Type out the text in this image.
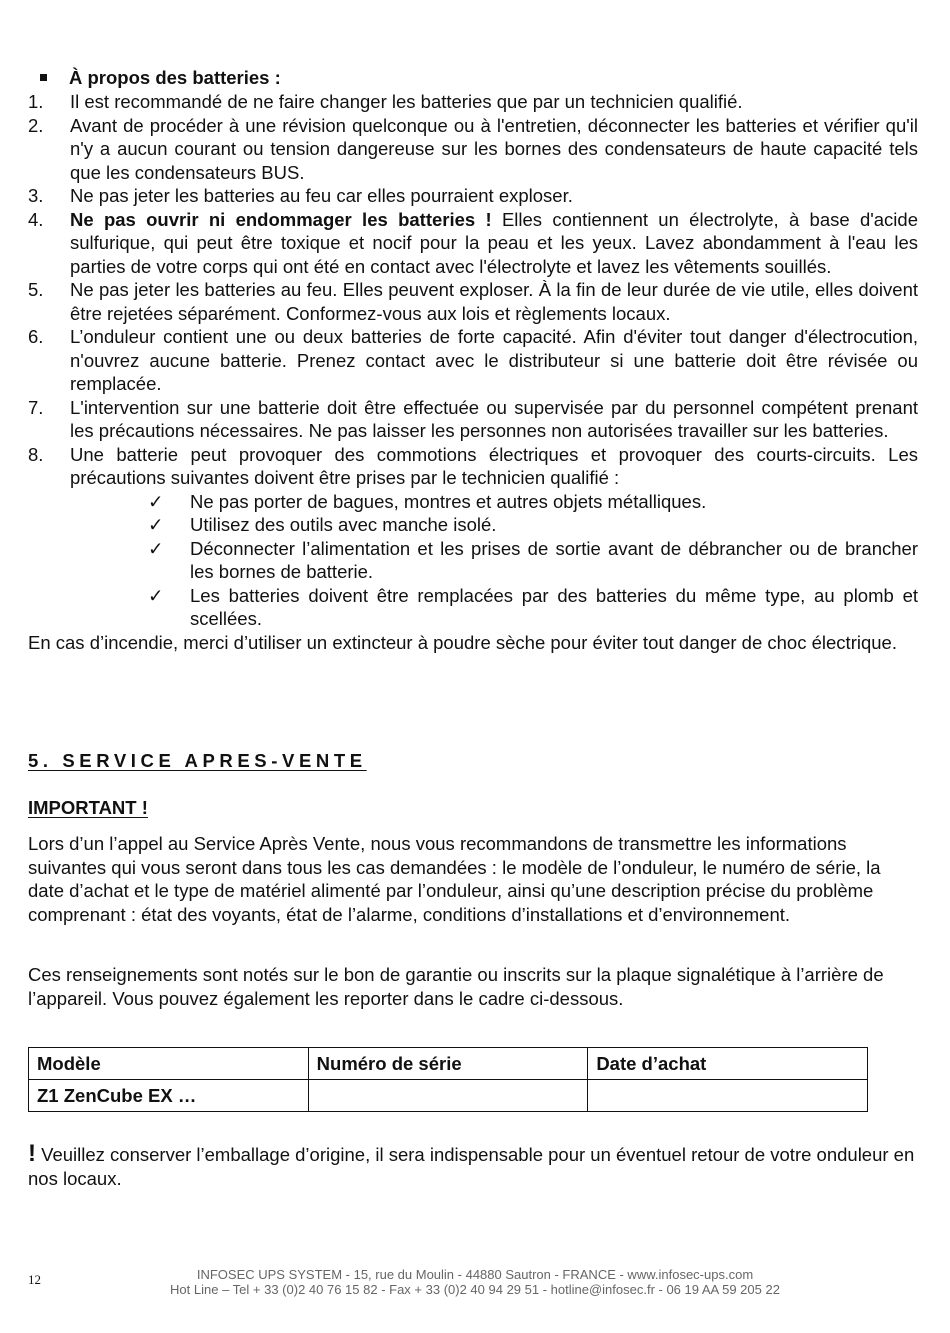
À propos des batteries :
1. Il est recommandé de ne faire changer les batteries que par un technicien qualifié.
2. Avant de procéder à une révision quelconque ou à l'entretien, déconnecter les batteries et vérifier qu'il n'y a aucun courant ou tension dangereuse sur les bornes des condensateurs de haute capacité tels que les condensateurs BUS.
3. Ne pas jeter les batteries au feu car elles pourraient exploser.
4. Ne pas ouvrir ni endommager les batteries ! Elles contiennent un électrolyte, à base d'acide sulfurique, qui peut être toxique et nocif pour la peau et les yeux. Lavez abondamment à l'eau les parties de votre corps qui ont été en contact avec l'électrolyte et lavez les vêtements souillés.
5. Ne pas jeter les batteries au feu. Elles peuvent exploser. À la fin de leur durée de vie utile, elles doivent être rejetées séparément. Conformez-vous aux lois et règlements locaux.
6. L’onduleur contient une ou deux batteries de forte capacité. Afin d'éviter tout danger d'électrocution, n'ouvrez aucune batterie. Prenez contact avec le distributeur si une batterie doit être révisée ou remplacée.
7. L'intervention sur une batterie doit être effectuée ou supervisée par du personnel compétent prenant les précautions nécessaires. Ne pas laisser les personnes non autorisées travailler sur les batteries.
8. Une batterie peut provoquer des commotions électriques et provoquer des courts-circuits. Les précautions suivantes doivent être prises par le technicien qualifié :
✓ Ne pas porter de bagues, montres et autres objets métalliques.
✓ Utilisez des outils avec manche isolé.
✓ Déconnecter l’alimentation et les prises de sortie avant de débrancher ou de brancher les bornes de batterie.
✓ Les batteries doivent être remplacées par des batteries du même type, au plomb et scellées.
En cas d’incendie, merci d’utiliser un extincteur à poudre sèche pour éviter tout danger de choc électrique.
5. SERVICE APRES-VENTE
IMPORTANT !
Lors d’un l’appel au Service Après Vente, nous vous recommandons de transmettre les informations suivantes qui vous seront dans tous les cas demandées : le modèle de l’onduleur, le numéro de série, la date d’achat et le type de matériel alimenté par l’onduleur, ainsi qu’une description précise du problème comprenant : état des voyants, état de l’alarme, conditions d’installations et d’environnement.
Ces renseignements sont notés sur le bon de garantie ou inscrits sur la plaque signalétique à l’arrière de l’appareil. Vous pouvez également les reporter dans le cadre ci-dessous.
Modèle	Numéro de série	Date d’achat
Z1 ZenCube EX …		
! Veuillez conserver l’emballage d’origine, il sera indispensable pour un éventuel retour de votre onduleur en nos locaux.
12	INFOSEC UPS SYSTEM - 15, rue du Moulin - 44880 Sautron - FRANCE - www.infosec-ups.com
Hot Line – Tel + 33 (0)2 40 76 15 82 - Fax + 33 (0)2 40 94 29 51 - hotline@infosec.fr - 06 19 AA 59 205 22
